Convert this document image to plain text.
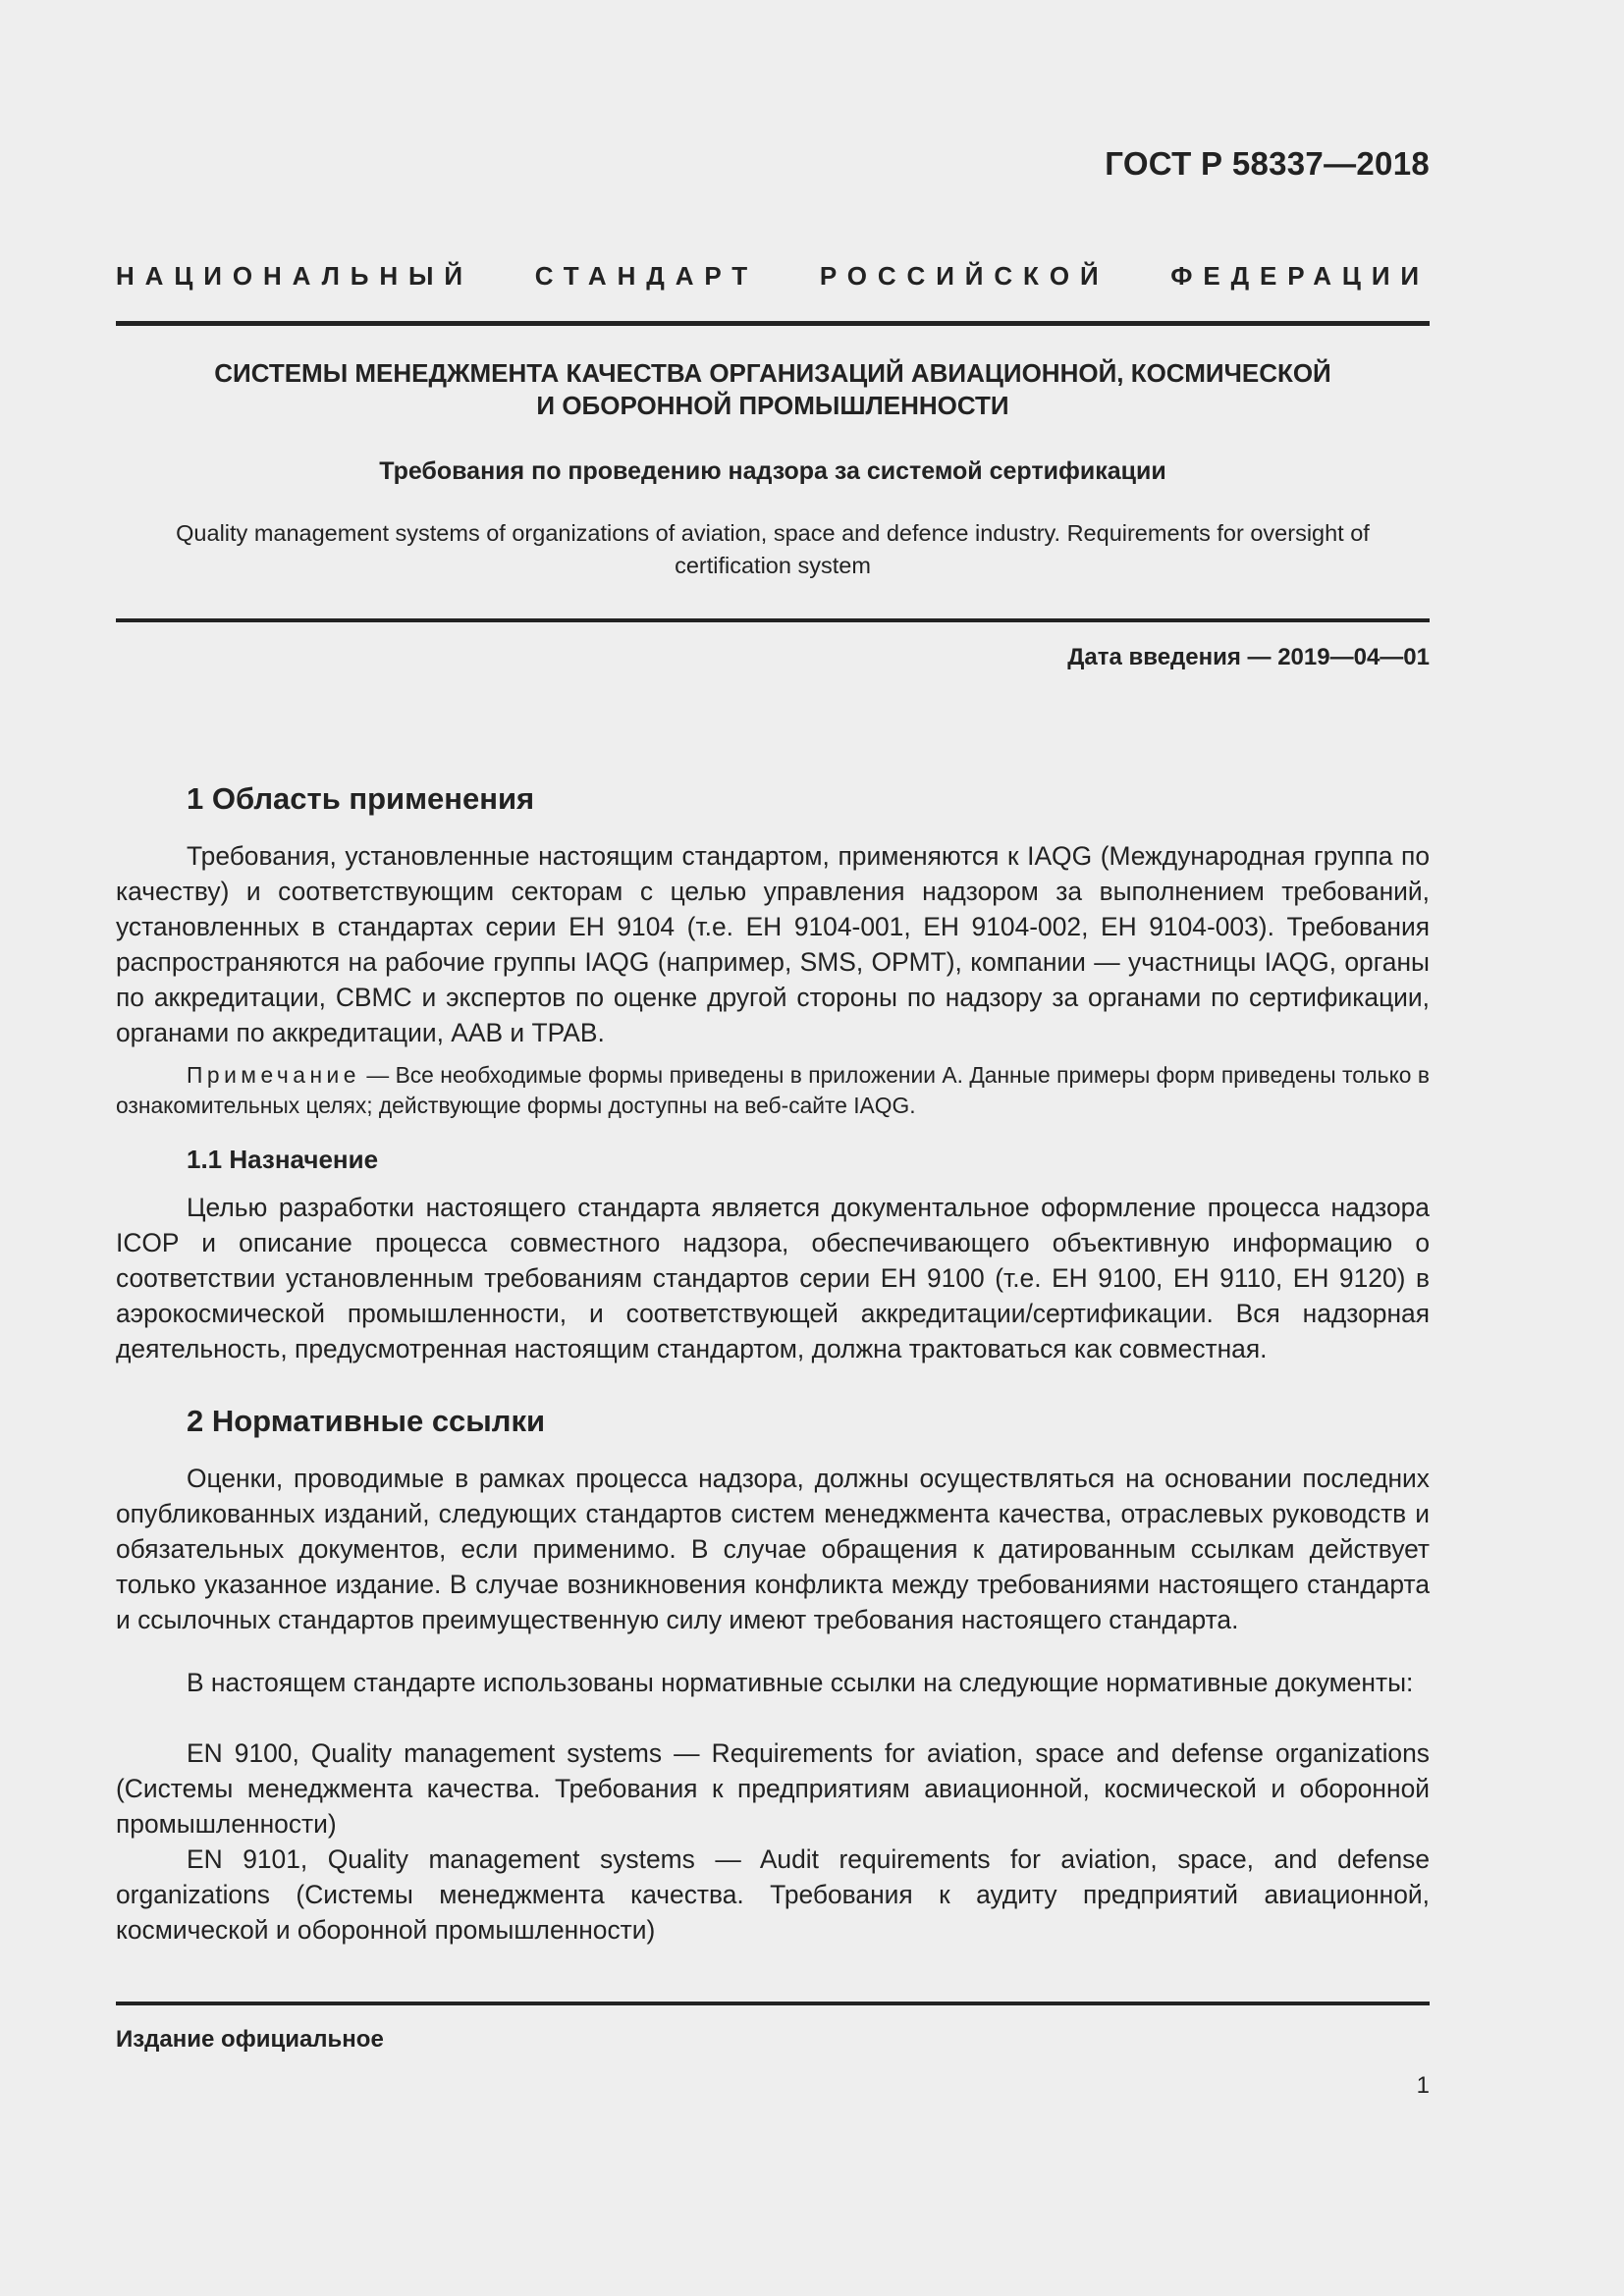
ГОСТ Р 58337—2018
НАЦИОНАЛЬНЫЙ СТАНДАРТ РОССИЙСКОЙ ФЕДЕРАЦИИ
СИСТЕМЫ МЕНЕДЖМЕНТА КАЧЕСТВА ОРГАНИЗАЦИЙ АВИАЦИОННОЙ, КОСМИЧЕСКОЙ
И ОБОРОННОЙ ПРОМЫШЛЕННОСТИ
Требования по проведению надзора за системой сертификации
Quality management systems of organizations of aviation, space and defence industry. Requirements for oversight of
certification system
Дата введения — 2019—04—01
1 Область применения

Требования, установленные настоящим стандартом, применяются к IAQG (Международная группа по качеству) и соответствующим секторам с целью управления надзором за выполнением требований, установленных в стандартах серии ЕН 9104 (т.е. ЕН 9104-001, ЕН 9104-002, ЕН 9104-003). Требования распространяются на рабочие группы IAQG (например, SMS, OPMT), компании — участницы IAQG, органы по аккредитации, СВМС и экспертов по оценке другой стороны по надзору за органами по сертификации, органами по аккредитации, AAB и TPAB.

Примечание — Все необходимые формы приведены в приложении А. Данные примеры форм приведены только в ознакомительных целях; действующие формы доступны на веб-сайте IAQG.

1.1 Назначение

Целью разработки настоящего стандарта является документальное оформление процесса надзора ICOP и описание процесса совместного надзора, обеспечивающего объективную информацию о соответствии установленным требованиям стандартов серии ЕН 9100 (т.е. ЕН 9100, ЕН 9110, ЕН 9120) в аэрокосмической промышленности, и соответствующей аккредитации/сертификации. Вся надзорная деятельность, предусмотренная настоящим стандартом, должна трактоваться как совместная.

2 Нормативные ссылки

Оценки, проводимые в рамках процесса надзора, должны осуществляться на основании последних опубликованных изданий, следующих стандартов систем менеджмента качества, отраслевых руководств и обязательных документов, если применимо. В случае обращения к датированным ссылкам действует только указанное издание. В случае возникновения конфликта между требованиями настоящего стандарта и ссылочных стандартов преимущественную силу имеют требования настоящего стандарта.

В настоящем стандарте использованы нормативные ссылки на следующие нормативные документы:

EN 9100, Quality management systems — Requirements for aviation, space and defense organizations (Системы менеджмента качества. Требования к предприятиям авиационной, космической и оборонной промышленности)

EN 9101, Quality management systems — Audit requirements for aviation, space, and defense organizations (Системы менеджмента качества. Требования к аудиту предприятий авиационной, космической и оборонной промышленности)

Издание официальное
1
